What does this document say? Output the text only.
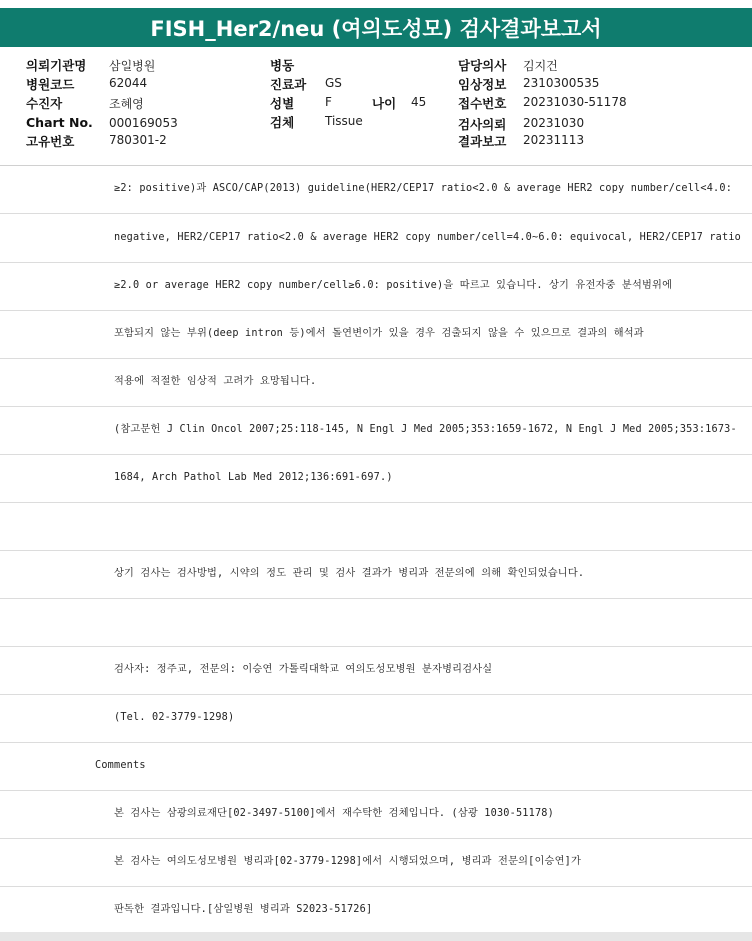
FISH_Her2/neu (여의도성모) 검사결과보고서
의뢰기관명 삼일병원
병원코드	62044
수진자	조혜영
Chart No. 000169053
고유번호	780301-2
병동
진료과 GS
성별	F	나이 45
검체	Tissue
담당의사 김지건
임상정보 2310300535
접수번호 20231030-51178
검사의뢰 20231030
결과보고 20231113
≥2: positive)과 ASCO/CAP(2013) guideline(HER2/CEP17 ratio<2.0 & average HER2 copy number/cell<4.0:
negative, HER2/CEP17 ratio<2.0 & average HER2 copy number/cell=4.0~6.0: equivocal, HER2/CEP17 ratio
≥2.0 or average HER2 copy number/cell≥6.0: positive)을 따르고 있습니다. 상기 유전자중 분석범위에
포함되지 않는 부위(deep intron 등)에서 돌연변이가 있을 경우 검출되지 않을 수 있으므로 결과의 해석과
적용에 적절한 임상적 고려가 요망됩니다.
(참고문헌 J Clin Oncol 2007;25:118-145, N Engl J Med 2005;353:1659-1672, N Engl J Med 2005;353:1673-
1684, Arch Pathol Lab Med 2012;136:691-697.)
상기 검사는 검사방법, 시약의 정도 관리 및 검사 결과가 병리과 전문의에 의해 확인되었습니다.
검사자: 정주교, 전문의: 이승연 가톨릭대학교 여의도성모병원 분자병리검사실
(Tel. 02-3779-1298)
Comments
본 검사는 삼광의료재단[02-3497-5100]에서 재수탁한 검체입니다. (삼광 1030-51178)
본 검사는 여의도성모병원 병리과[02-3779-1298]에서 시행되었으며, 병리과 전문의[이승연]가
판독한 결과입니다.[삼일병원 병리과 S2023-51726]
